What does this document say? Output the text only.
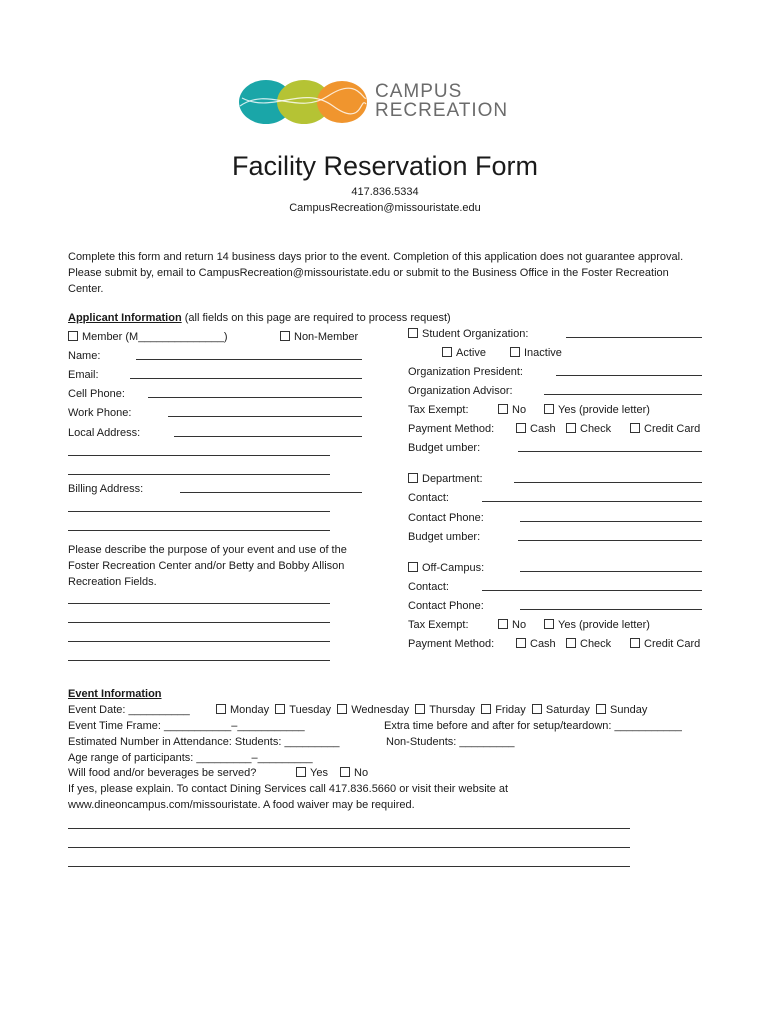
CAMPUS
RECREATION
Facility Reservation Form
417.836.5334
CampusRecreation@missouristate.edu
Complete this form and return 14 business days prior to the event. Completion of this application does not guarantee approval. Please submit by, email to CampusRecreation@missouristate.edu or submit to the Business Office in the Foster Recreation Center.
Applicant Information (all fields on this page are required to process request)
Member (M______________)	Non-Member
Name:
Email:
Cell Phone:
Work Phone:
Local Address:
Billing Address:
Please describe the purpose of your event and use of the Foster Recreation Center and/or Betty and Bobby Allison Recreation Fields.
Student Organization:
Active	Inactive
Organization President:
Organization Advisor:
Tax Exempt:	No	Yes (provide letter)
Payment Method:	Cash	Check	Credit Card
Budget umber:
Department:
Contact:
Contact Phone:
Budget umber:
Off-Campus:
Contact:
Contact Phone:
Tax Exempt:	No	Yes (provide letter)
Payment Method:	Cash	Check	Credit Card
Event Information
Event Date: __________	Monday Tuesday Wednesday Thursday Friday Saturday Sunday
Event Time Frame: ___________–___________	Extra time before and after for setup/teardown: ___________
Estimated Number in Attendance: Students: _________	Non-Students: _________
Age range of participants: _________–_________
Will food and/or beverages be served?	Yes	No
If yes, please explain. To contact Dining Services call 417.836.5660 or visit their website at
www.dineoncampus.com/missouristate. A food waiver may be required.
